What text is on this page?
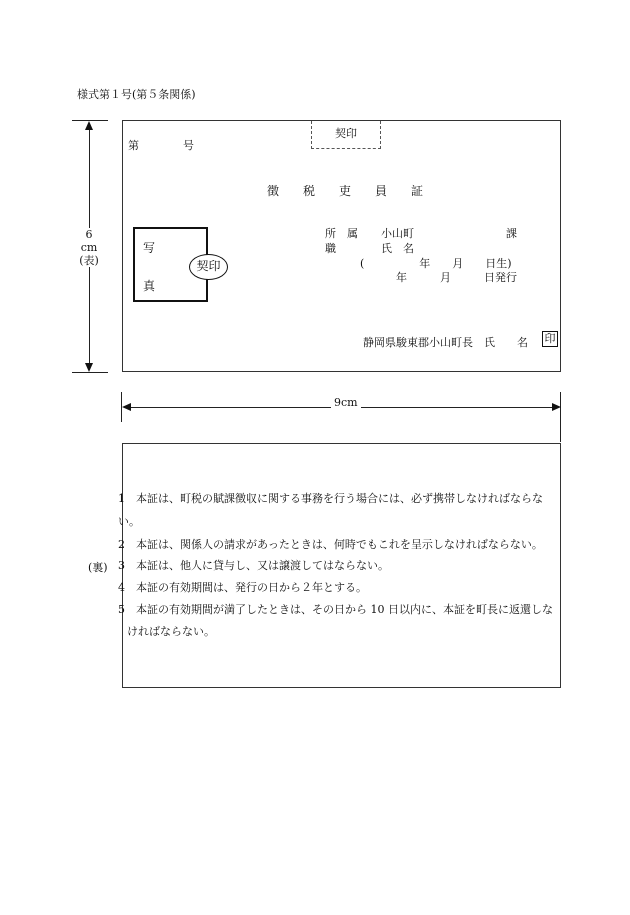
様式第１号(第５条関係)
6
cm
(表)
契印
第　　　　号
徴　　税　　吏　　員　　証
写
真
契印
所　属 小山町	課
職	氏　名
(　　　　　年　　月　　日生)
年　　　月　　　日発行
静岡県駿東郡小山町長　氏　　名 印
9cm
(裏)
1　本証は、町税の賦課徴収に関する事務を行う場合には、必ず携帯しなければならな
い。
2　本証は、関係人の請求があったときは、何時でもこれを呈示しなければならない。
3　本証は、他人に貸与し、又は譲渡してはならない。
4　本証の有効期間は、発行の日から２年とする。
5　本証の有効期間が満了したときは、その日から 10 日以内に、本証を町長に返還しな
ければならない。
